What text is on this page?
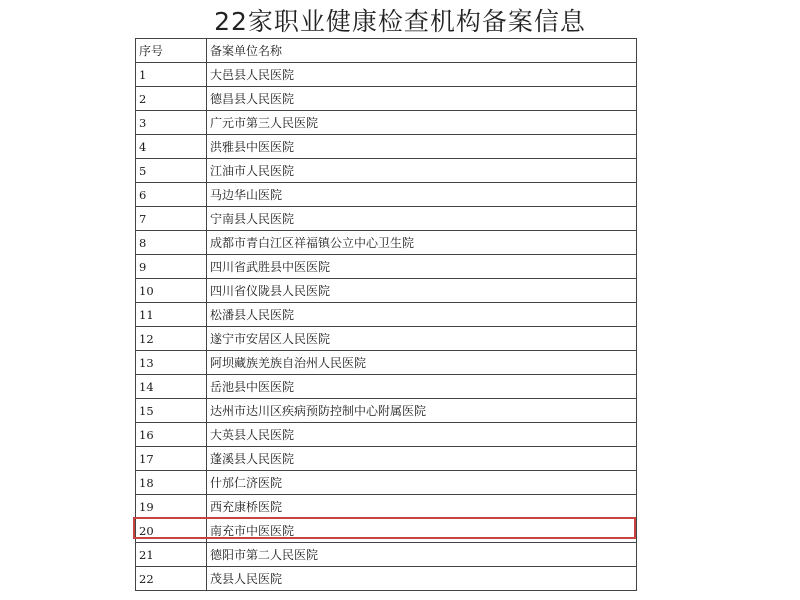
22家职业健康检查机构备案信息
序号	备案单位名称
1	大邑县人民医院
2	德昌县人民医院
3	广元市第三人民医院
4	洪雅县中医医院
5	江油市人民医院
6	马边华山医院
7	宁南县人民医院
8	成都市青白江区祥福镇公立中心卫生院
9	四川省武胜县中医医院
10	四川省仪陇县人民医院
11	松潘县人民医院
12	遂宁市安居区人民医院
13	阿坝藏族羌族自治州人民医院
14	岳池县中医医院
15	达州市达川区疾病预防控制中心附属医院
16	大英县人民医院
17	蓬溪县人民医院
18	什邡仁济医院
19	西充康桥医院
20	南充市中医医院
21	德阳市第二人民医院
22	茂县人民医院
